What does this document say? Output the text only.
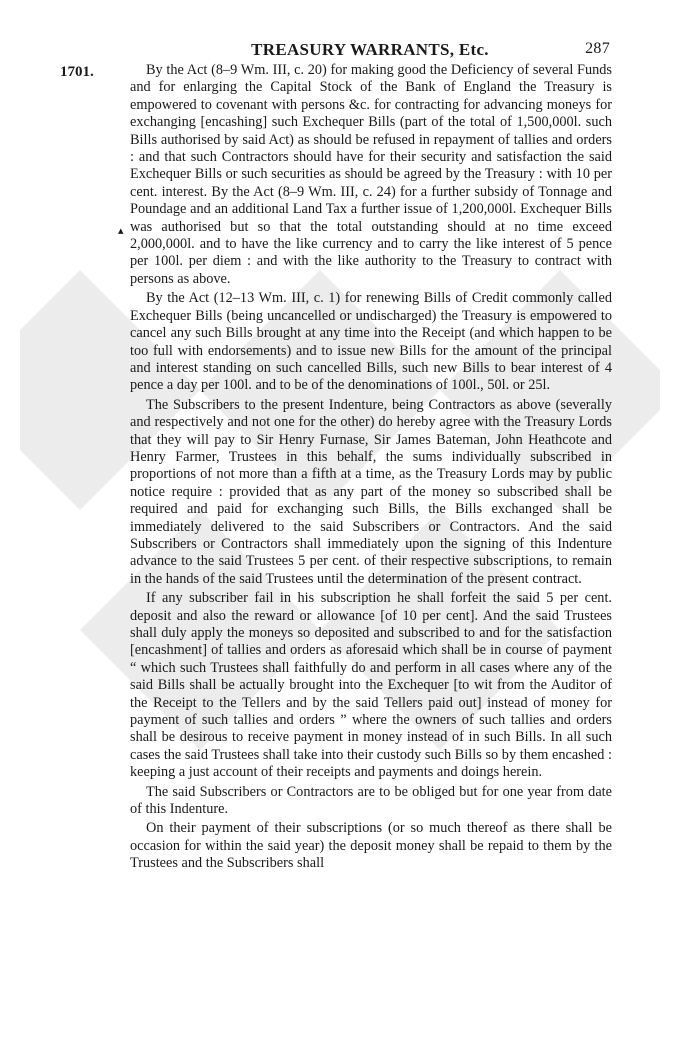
TREASURY WARRANTS, Etc.	287
1701.
▴

By the Act (8–9 Wm. III, c. 20) for making good the Deficiency of several Funds and for enlarging the Capital Stock of the Bank of England the Treasury is empowered to covenant with persons &c. for contracting for advancing moneys for exchanging [encashing] such Exchequer Bills (part of the total of 1,500,000l. such Bills authorised by said Act) as should be refused in repayment of tallies and orders : and that such Contractors should have for their security and satisfaction the said Exchequer Bills or such securities as should be agreed by the Treasury : with 10 per cent. interest. By the Act (8–9 Wm. III, c. 24) for a further subsidy of Tonnage and Poundage and an additional Land Tax a further issue of 1,200,000l. Exchequer Bills was authorised but so that the total outstanding should at no time exceed 2,000,000l. and to have the like currency and to carry the like interest of 5 pence per 100l. per diem : and with the like authority to the Treasury to contract with persons as above.

By the Act (12–13 Wm. III, c. 1) for renewing Bills of Credit commonly called Exchequer Bills (being uncancelled or undischarged) the Treasury is empowered to cancel any such Bills brought at any time into the Receipt (and which happen to be too full with endorsements) and to issue new Bills for the amount of the principal and interest standing on such cancelled Bills, such new Bills to bear interest of 4 pence a day per 100l. and to be of the denominations of 100l., 50l. or 25l.

The Subscribers to the present Indenture, being Contractors as above (severally and respectively and not one for the other) do hereby agree with the Treasury Lords that they will pay to Sir Henry Furnase, Sir James Bateman, John Heathcote and Henry Farmer, Trustees in this behalf, the sums individually subscribed in proportions of not more than a fifth at a time, as the Treasury Lords may by public notice require : provided that as any part of the money so subscribed shall be required and paid for exchanging such Bills, the Bills exchanged shall be immediately delivered to the said Subscribers or Contractors. And the said Subscribers or Contractors shall immediately upon the signing of this Indenture advance to the said Trustees 5 per cent. of their respective subscriptions, to remain in the hands of the said Trustees until the determination of the present contract.

If any subscriber fail in his subscription he shall forfeit the said 5 per cent. deposit and also the reward or allowance [of 10 per cent]. And the said Trustees shall duly apply the moneys so deposited and subscribed to and for the satisfaction [encashment] of tallies and orders as aforesaid which shall be in course of payment “ which such Trustees shall faithfully do and perform in all cases where any of the said Bills shall be actually brought into the Exchequer [to wit from the Auditor of the Receipt to the Tellers and by the said Tellers paid out] instead of money for payment of such tallies and orders ” where the owners of such tallies and orders shall be desirous to receive payment in money instead of in such Bills. In all such cases the said Trustees shall take into their custody such Bills so by them encashed : keeping a just account of their receipts and payments and doings herein.

The said Subscribers or Contractors are to be obliged but for one year from date of this Indenture.

On their payment of their subscriptions (or so much thereof as there shall be occasion for within the said year) the deposit money shall be repaid to them by the Trustees and the Subscribers shall
